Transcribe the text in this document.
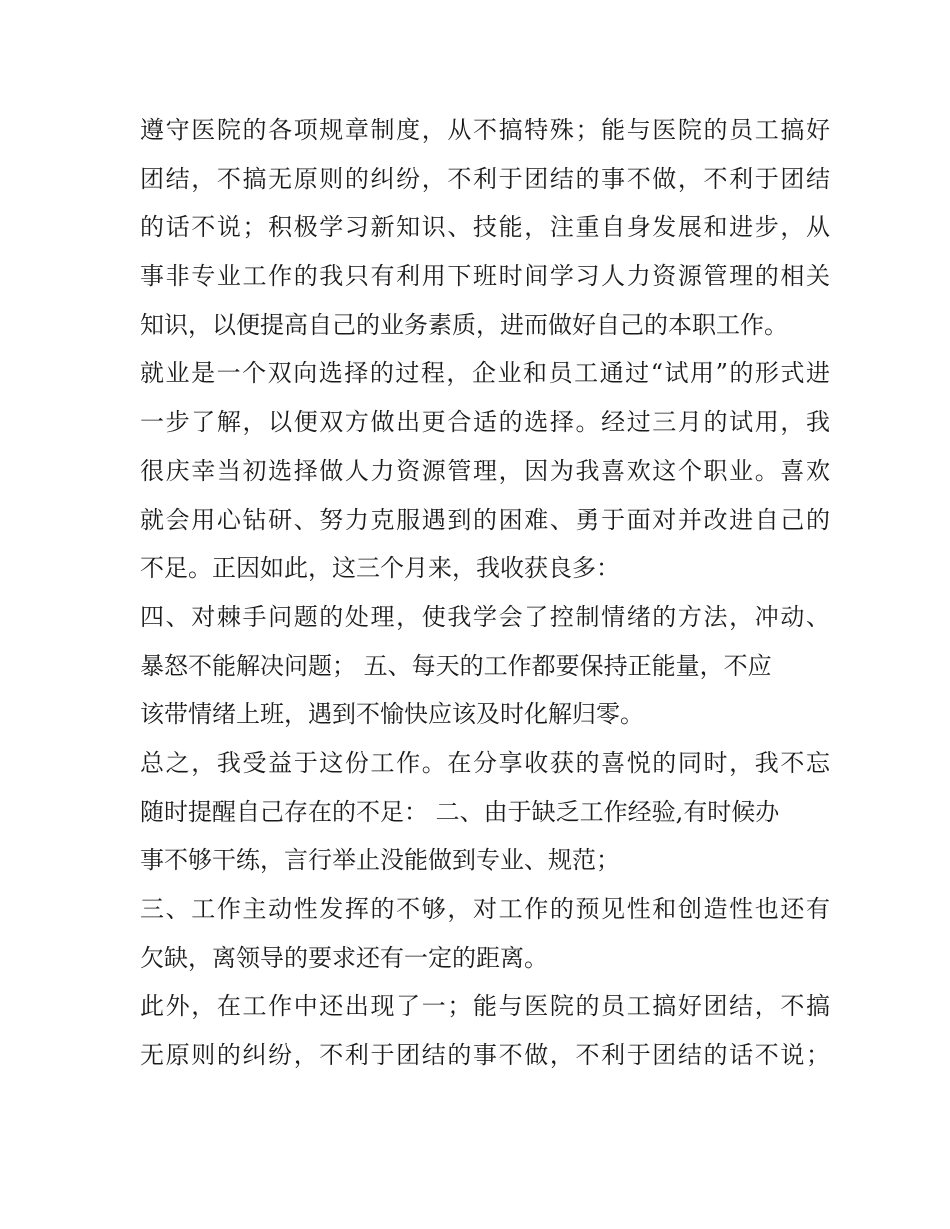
遵守医院的各项规章制度，从不搞特殊；能与医院的员工搞好
团结，不搞无原则的纠纷，不利于团结的事不做，不利于团结
的话不说；积极学习新知识、技能，注重自身发展和进步，从
事非专业工作的我只有利用下班时间学习人力资源管理的相关
知识，以便提高自己的业务素质，进而做好自己的本职工作。
就业是一个双向选择的过程，企业和员工通过“试用”的形式进
一步了解，以便双方做出更合适的选择。经过三月的试用，我
很庆幸当初选择做人力资源管理，因为我喜欢这个职业。喜欢
就会用心钻研、努力克服遇到的困难、勇于面对并改进自己的
不足。正因如此，这三个月来，我收获良多：
四、对棘手问题的处理，使我学会了控制情绪的方法，冲动、
暴怒不能解决问题； 五、每天的工作都要保持正能量，不应
该带情绪上班，遇到不愉快应该及时化解归零。
总之，我受益于这份工作。在分享收获的喜悦的同时，我不忘
随时提醒自己存在的不足： 二、由于缺乏工作经验,有时候办
事不够干练，言行举止没能做到专业、规范；
三、工作主动性发挥的不够，对工作的预见性和创造性也还有
欠缺，离领导的要求还有一定的距离。
此外，在工作中还出现了一；能与医院的员工搞好团结，不搞
无原则的纠纷，不利于团结的事不做，不利于团结的话不说；
